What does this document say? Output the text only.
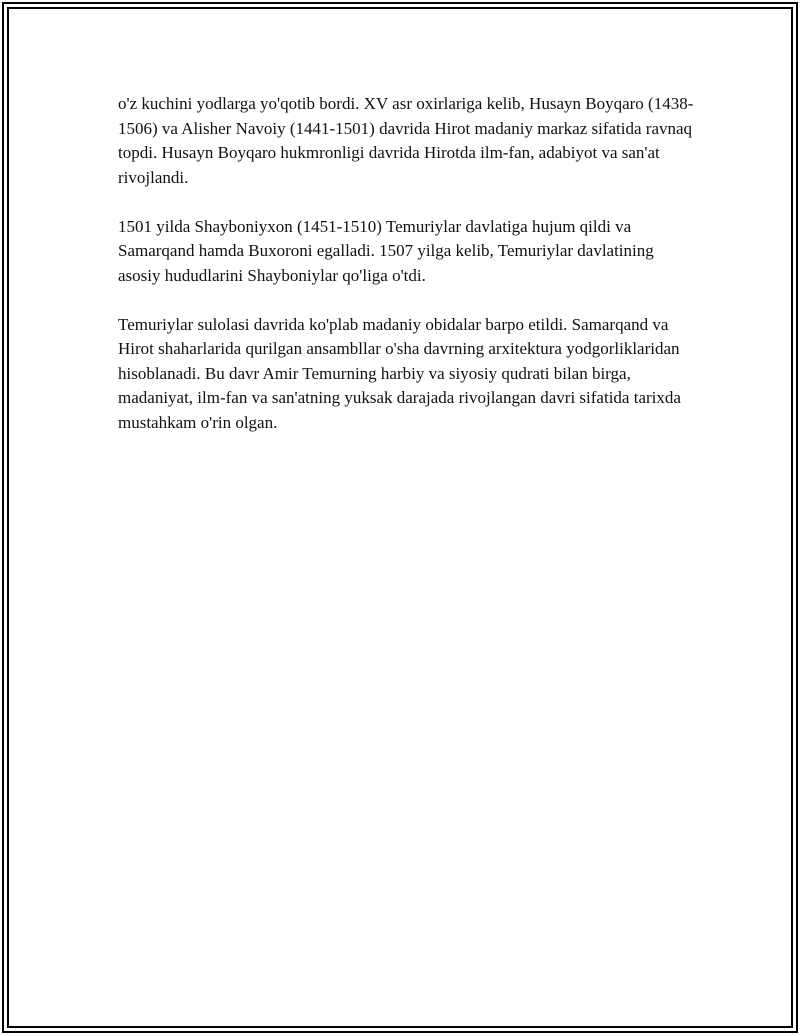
o'z kuchini yodlarga yo'qotib bordi. XV asr oxirlariga kelib, Husayn Boyqaro (1438-1506) va Alisher Navoiy (1441-1501) davrida Hirot madaniy markaz sifatida ravnaq topdi. Husayn Boyqaro hukmronligi davrida Hirotda ilm-fan, adabiyot va san'at rivojlandi.

1501 yilda Shayboniyxon (1451-1510) Temuriylar davlatiga hujum qildi va Samarqand hamda Buxoroni egalladi. 1507 yilga kelib, Temuriylar davlatining asosiy hududlarini Shayboniylar qo'liga o'tdi.

Temuriylar sulolasi davrida ko'plab madaniy obidalar barpo etildi. Samarqand va Hirot shaharlarida qurilgan ansambllar o'sha davrning arxitektura yodgorliklaridan hisoblanadi. Bu davr Amir Temurning harbiy va siyosiy qudrati bilan birga, madaniyat, ilm-fan va san'atning yuksak darajada rivojlangan davri sifatida tarixda mustahkam o'rin olgan.
